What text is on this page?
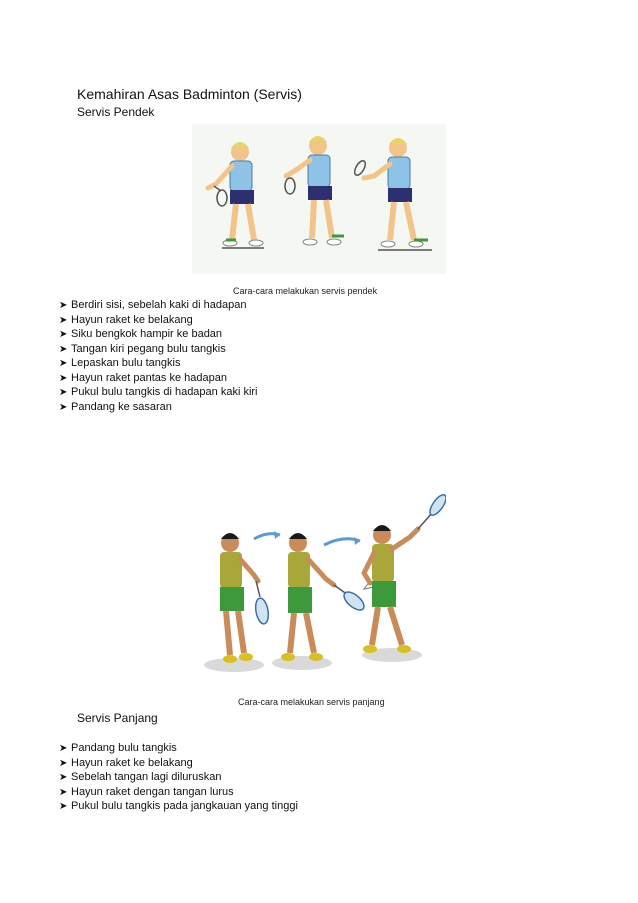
Kemahiran Asas Badminton (Servis)
Servis Pendek
Cara-cara melakukan servis pendek
➤ Berdiri sisi, sebelah kaki di hadapan
➤ Hayun raket ke belakang
➤ Siku bengkok hampir ke badan
➤ Tangan kiri pegang bulu tangkis
➤ Lepaskan bulu tangkis
➤ Hayun raket pantas ke hadapan
➤ Pukul bulu tangkis di hadapan kaki kiri
➤ Pandang ke sasaran
Cara-cara melakukan servis panjang
Servis Panjang
➤ Pandang bulu tangkis
➤ Hayun raket ke belakang
➤ Sebelah tangan lagi diluruskan
➤ Hayun raket dengan tangan lurus
➤ Pukul bulu tangkis pada jangkauan yang tinggi
